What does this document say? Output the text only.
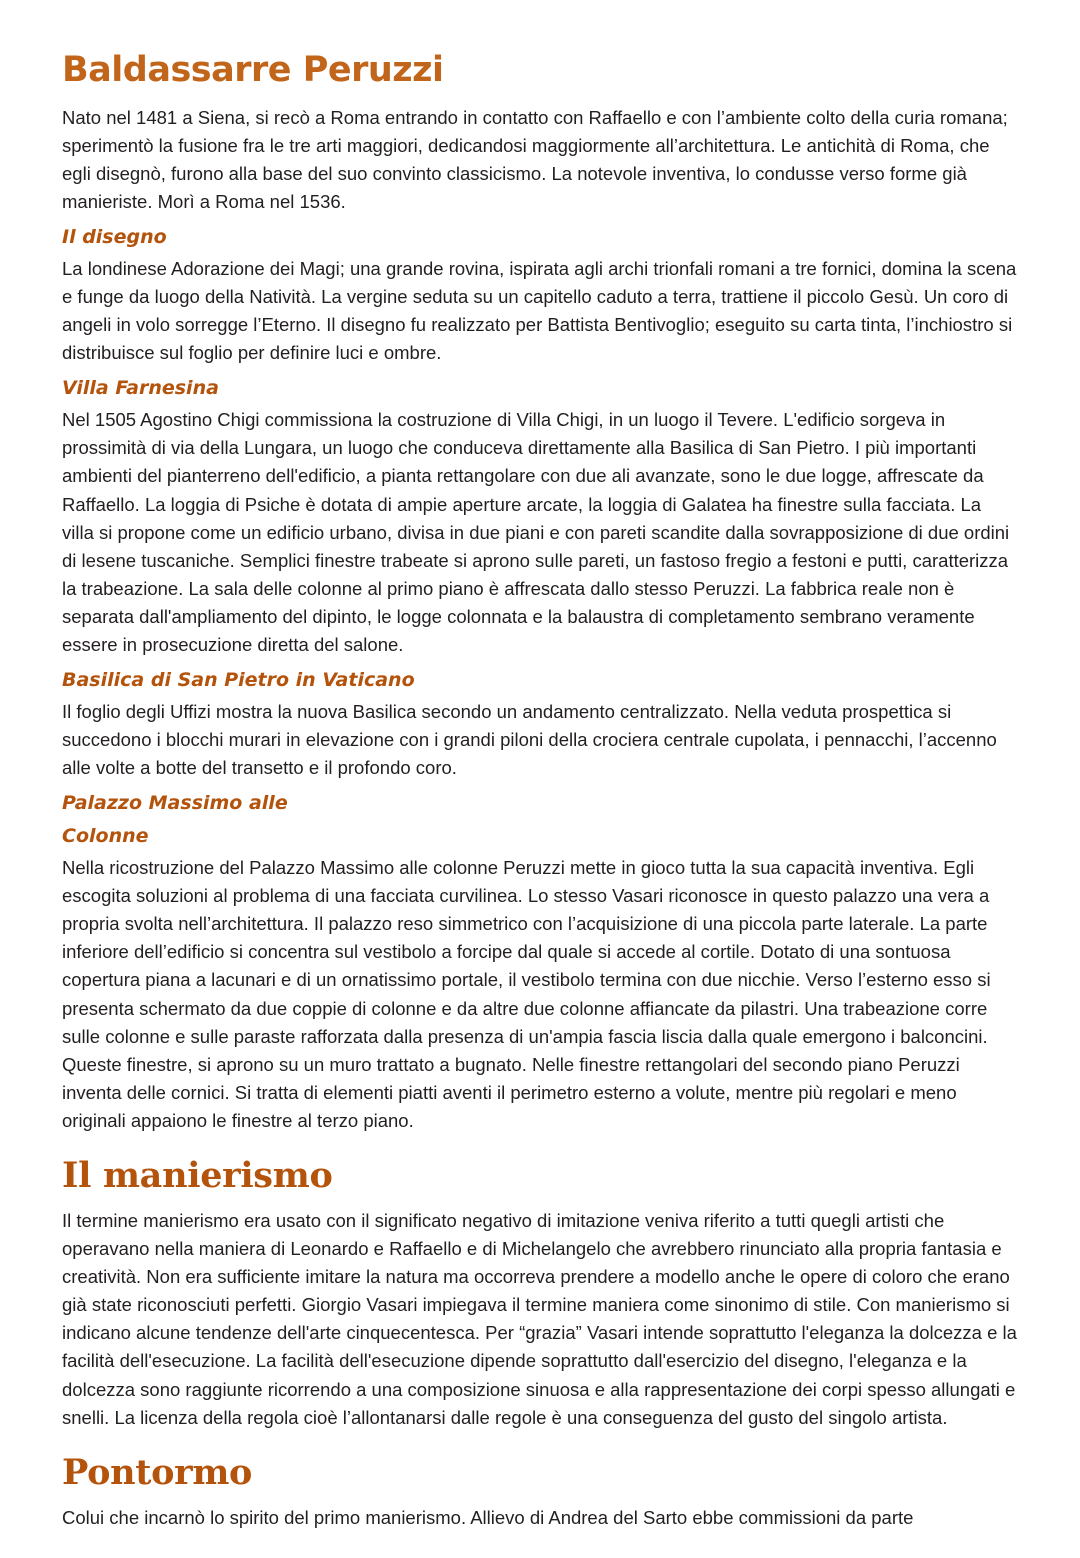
Baldassarre Peruzzi

Nato nel 1481 a Siena, si recò a Roma entrando in contatto con Raffaello e con l’ambiente colto della curia romana; sperimentò la fusione fra le tre arti maggiori, dedicandosi maggiormente all’architettura. Le antichità di Roma, che egli disegnò, furono alla base del suo convinto classicismo. La notevole inventiva, lo condusse verso forme già manieriste. Morì a Roma nel 1536.

Il disegno

La londinese Adorazione dei Magi; una grande rovina, ispirata agli archi trionfali romani a tre fornici, domina la scena e funge da luogo della Natività. La vergine seduta su un capitello caduto a terra, trattiene il piccolo Gesù. Un coro di angeli in volo sorregge l’Eterno. Il disegno fu realizzato per Battista Bentivoglio; eseguito su carta tinta, l’inchiostro si distribuisce sul foglio per definire luci e ombre.

Villa Farnesina

Nel 1505 Agostino Chigi commissiona la costruzione di Villa Chigi, in un luogo il Tevere. L'edificio sorgeva in prossimità di via della Lungara, un luogo che conduceva direttamente alla Basilica di San Pietro. I più importanti ambienti del pianterreno dell'edificio, a pianta rettangolare con due ali avanzate, sono le due logge, affrescate da Raffaello. La loggia di Psiche è dotata di ampie aperture arcate, la loggia di Galatea ha finestre sulla facciata. La villa si propone come un edificio urbano, divisa in due piani e con pareti scandite dalla sovrapposizione di due ordini di lesene tuscaniche. Semplici finestre trabeate si aprono sulle pareti, un fastoso fregio a festoni e putti, caratterizza la trabeazione. La sala delle colonne al primo piano è affrescata dallo stesso Peruzzi. La fabbrica reale non è separata dall'ampliamento del dipinto, le logge colonnata e la balaustra di completamento sembrano veramente essere in prosecuzione diretta del salone.

Basilica di San Pietro in Vaticano

Il foglio degli Uffizi mostra la nuova Basilica secondo un andamento centralizzato. Nella veduta prospettica si succedono i blocchi murari in elevazione con i grandi piloni della crociera centrale cupolata, i pennacchi, l’accenno alle volte a botte del transetto e il profondo coro.

Palazzo Massimo alle
Colonne

Nella ricostruzione del Palazzo Massimo alle colonne Peruzzi mette in gioco tutta la sua capacità inventiva. Egli escogita soluzioni al problema di una facciata curvilinea. Lo stesso Vasari riconosce in questo palazzo una vera a propria svolta nell’architettura. Il palazzo reso simmetrico con l’acquisizione di una piccola parte laterale. La parte inferiore dell’edificio si concentra sul vestibolo a forcipe dal quale si accede al cortile. Dotato di una sontuosa copertura piana a lacunari e di un ornatissimo portale, il vestibolo termina con due nicchie. Verso l’esterno esso si presenta schermato da due coppie di colonne e da altre due colonne affiancate da pilastri. Una trabeazione corre sulle colonne e sulle paraste rafforzata dalla presenza di un'ampia fascia liscia dalla quale emergono i balconcini. Queste finestre, si aprono su un muro trattato a bugnato. Nelle finestre rettangolari del secondo piano Peruzzi inventa delle cornici. Si tratta di elementi piatti aventi il perimetro esterno a volute, mentre più regolari e meno originali appaiono le finestre al terzo piano.

Il manierismo

Il termine manierismo era usato con il significato negativo di imitazione veniva riferito a tutti quegli artisti che operavano nella maniera di Leonardo e Raffaello e di Michelangelo che avrebbero rinunciato alla propria fantasia e creatività. Non era sufficiente imitare la natura ma occorreva prendere a modello anche le opere di coloro che erano già state riconosciuti perfetti. Giorgio Vasari impiegava il termine maniera come sinonimo di stile. Con manierismo si indicano alcune tendenze dell'arte cinquecentesca. Per “grazia” Vasari intende soprattutto l'eleganza la dolcezza e la facilità dell'esecuzione. La facilità dell'esecuzione dipende soprattutto dall'esercizio del disegno, l'eleganza e la dolcezza sono raggiunte ricorrendo a una composizione sinuosa e alla rappresentazione dei corpi spesso allungati e snelli. La licenza della regola cioè l’allontanarsi dalle regole è una conseguenza del gusto del singolo artista.

Pontormo

Colui che incarnò lo spirito del primo manierismo. Allievo di Andrea del Sarto ebbe commissioni da parte
